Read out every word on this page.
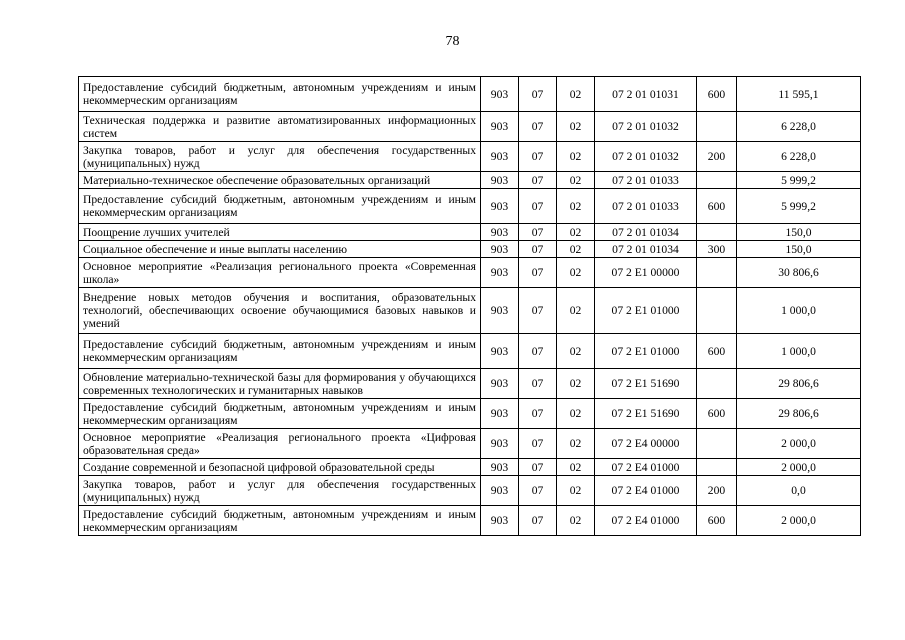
78
Предоставление субсидий бюджетным, автономным учреждениям и иным некоммерческим организациям	903	07	02	07 2 01 01031	600	11 595,1
Техническая поддержка и развитие автоматизированных информационных систем	903	07	02	07 2 01 01032		6 228,0
Закупка товаров, работ и услуг для обеспечения государственных (муниципальных) нужд	903	07	02	07 2 01 01032	200	6 228,0
Материально-техническое обеспечение образовательных организаций	903	07	02	07 2 01 01033		5 999,2
Предоставление субсидий бюджетным, автономным учреждениям и иным некоммерческим организациям	903	07	02	07 2 01 01033	600	5 999,2
Поощрение лучших учителей	903	07	02	07 2 01 01034		150,0
Социальное обеспечение и иные выплаты населению	903	07	02	07 2 01 01034	300	150,0
Основное мероприятие «Реализация регионального проекта «Современная школа»	903	07	02	07 2 E1 00000		30 806,6
Внедрение новых методов обучения и воспитания, образовательных технологий, обеспечивающих освоение обучающимися базовых навыков и умений	903	07	02	07 2 E1 01000		1 000,0
Предоставление субсидий бюджетным, автономным учреждениям и иным некоммерческим организациям	903	07	02	07 2 E1 01000	600	1 000,0
Обновление материально-технической базы для формирования у обучающихся современных технологических и гуманитарных навыков	903	07	02	07 2 E1 51690		29 806,6
Предоставление субсидий бюджетным, автономным учреждениям и иным некоммерческим организациям	903	07	02	07 2 E1 51690	600	29 806,6
Основное мероприятие «Реализация регионального проекта «Цифровая образовательная среда»	903	07	02	07 2 E4 00000		2 000,0
Создание современной и безопасной цифровой образовательной среды	903	07	02	07 2 E4 01000		2 000,0
Закупка товаров, работ и услуг для обеспечения государственных (муниципальных) нужд	903	07	02	07 2 E4 01000	200	0,0
Предоставление субсидий бюджетным, автономным учреждениям и иным некоммерческим организациям	903	07	02	07 2 E4 01000	600	2 000,0
